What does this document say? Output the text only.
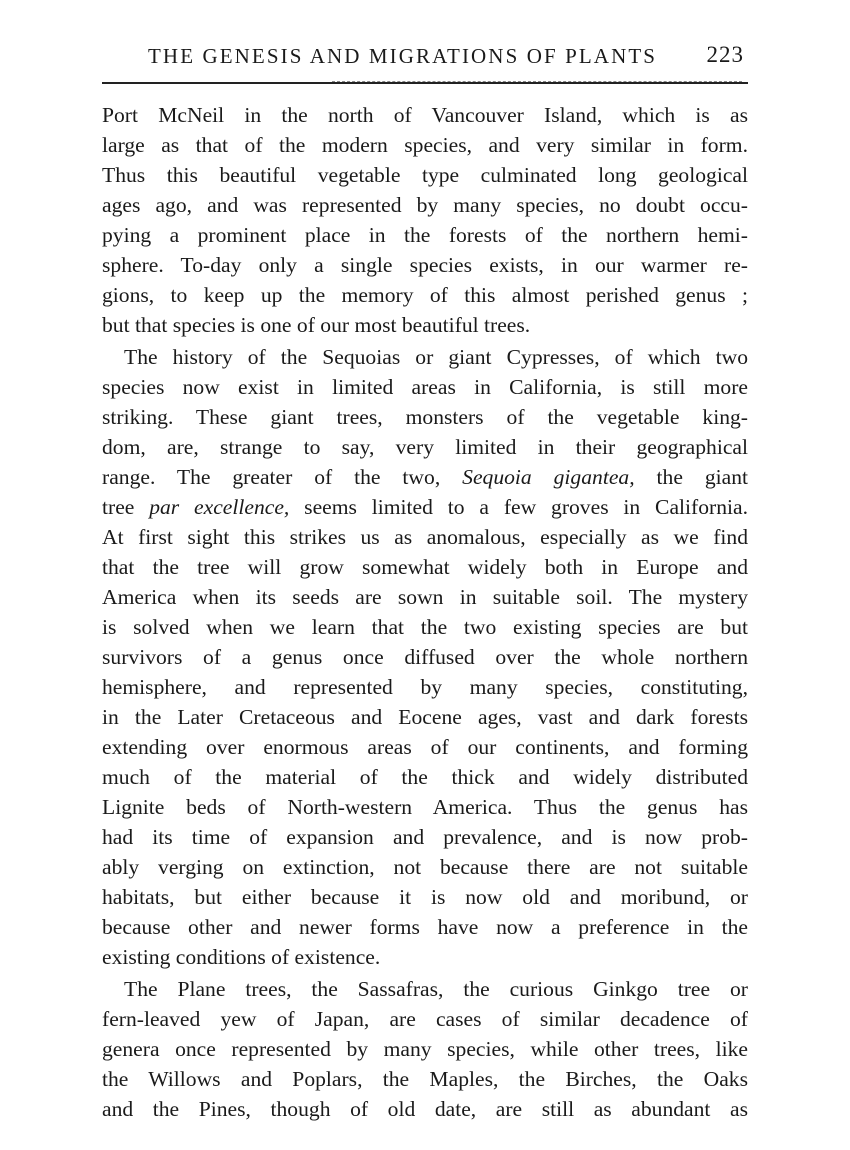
THE GENESIS AND MIGRATIONS OF PLANTS 223
Port McNeil in the north of Vancouver Island, which is as
large as that of the modern species, and very similar in form.
Thus this beautiful vegetable type culminated long geological
ages ago, and was represented by many species, no doubt occu-
pying a prominent place in the forests of the northern hemi-
sphere. To-day only a single species exists, in our warmer re-
gions, to keep up the memory of this almost perished genus ;
but that species is one of our most beautiful trees.
The history of the Sequoias or giant Cypresses, of which two
species now exist in limited areas in California, is still more
striking. These giant trees, monsters of the vegetable king-
dom, are, strange to say, very limited in their geographical
range. The greater of the two, Sequoia gigantea, the giant
tree par excellence, seems limited to a few groves in California.
At first sight this strikes us as anomalous, especially as we find
that the tree will grow somewhat widely both in Europe and
America when its seeds are sown in suitable soil. The mystery
is solved when we learn that the two existing species are but
survivors of a genus once diffused over the whole northern
hemisphere, and represented by many species, constituting,
in the Later Cretaceous and Eocene ages, vast and dark forests
extending over enormous areas of our continents, and forming
much of the material of the thick and widely distributed
Lignite beds of North-western America. Thus the genus has
had its time of expansion and prevalence, and is now prob-
ably verging on extinction, not because there are not suitable
habitats, but either because it is now old and moribund, or
because other and newer forms have now a preference in the
existing conditions of existence.
The Plane trees, the Sassafras, the curious Ginkgo tree or
fern-leaved yew of Japan, are cases of similar decadence of
genera once represented by many species, while other trees, like
the Willows and Poplars, the Maples, the Birches, the Oaks
and the Pines, though of old date, are still as abundant as
